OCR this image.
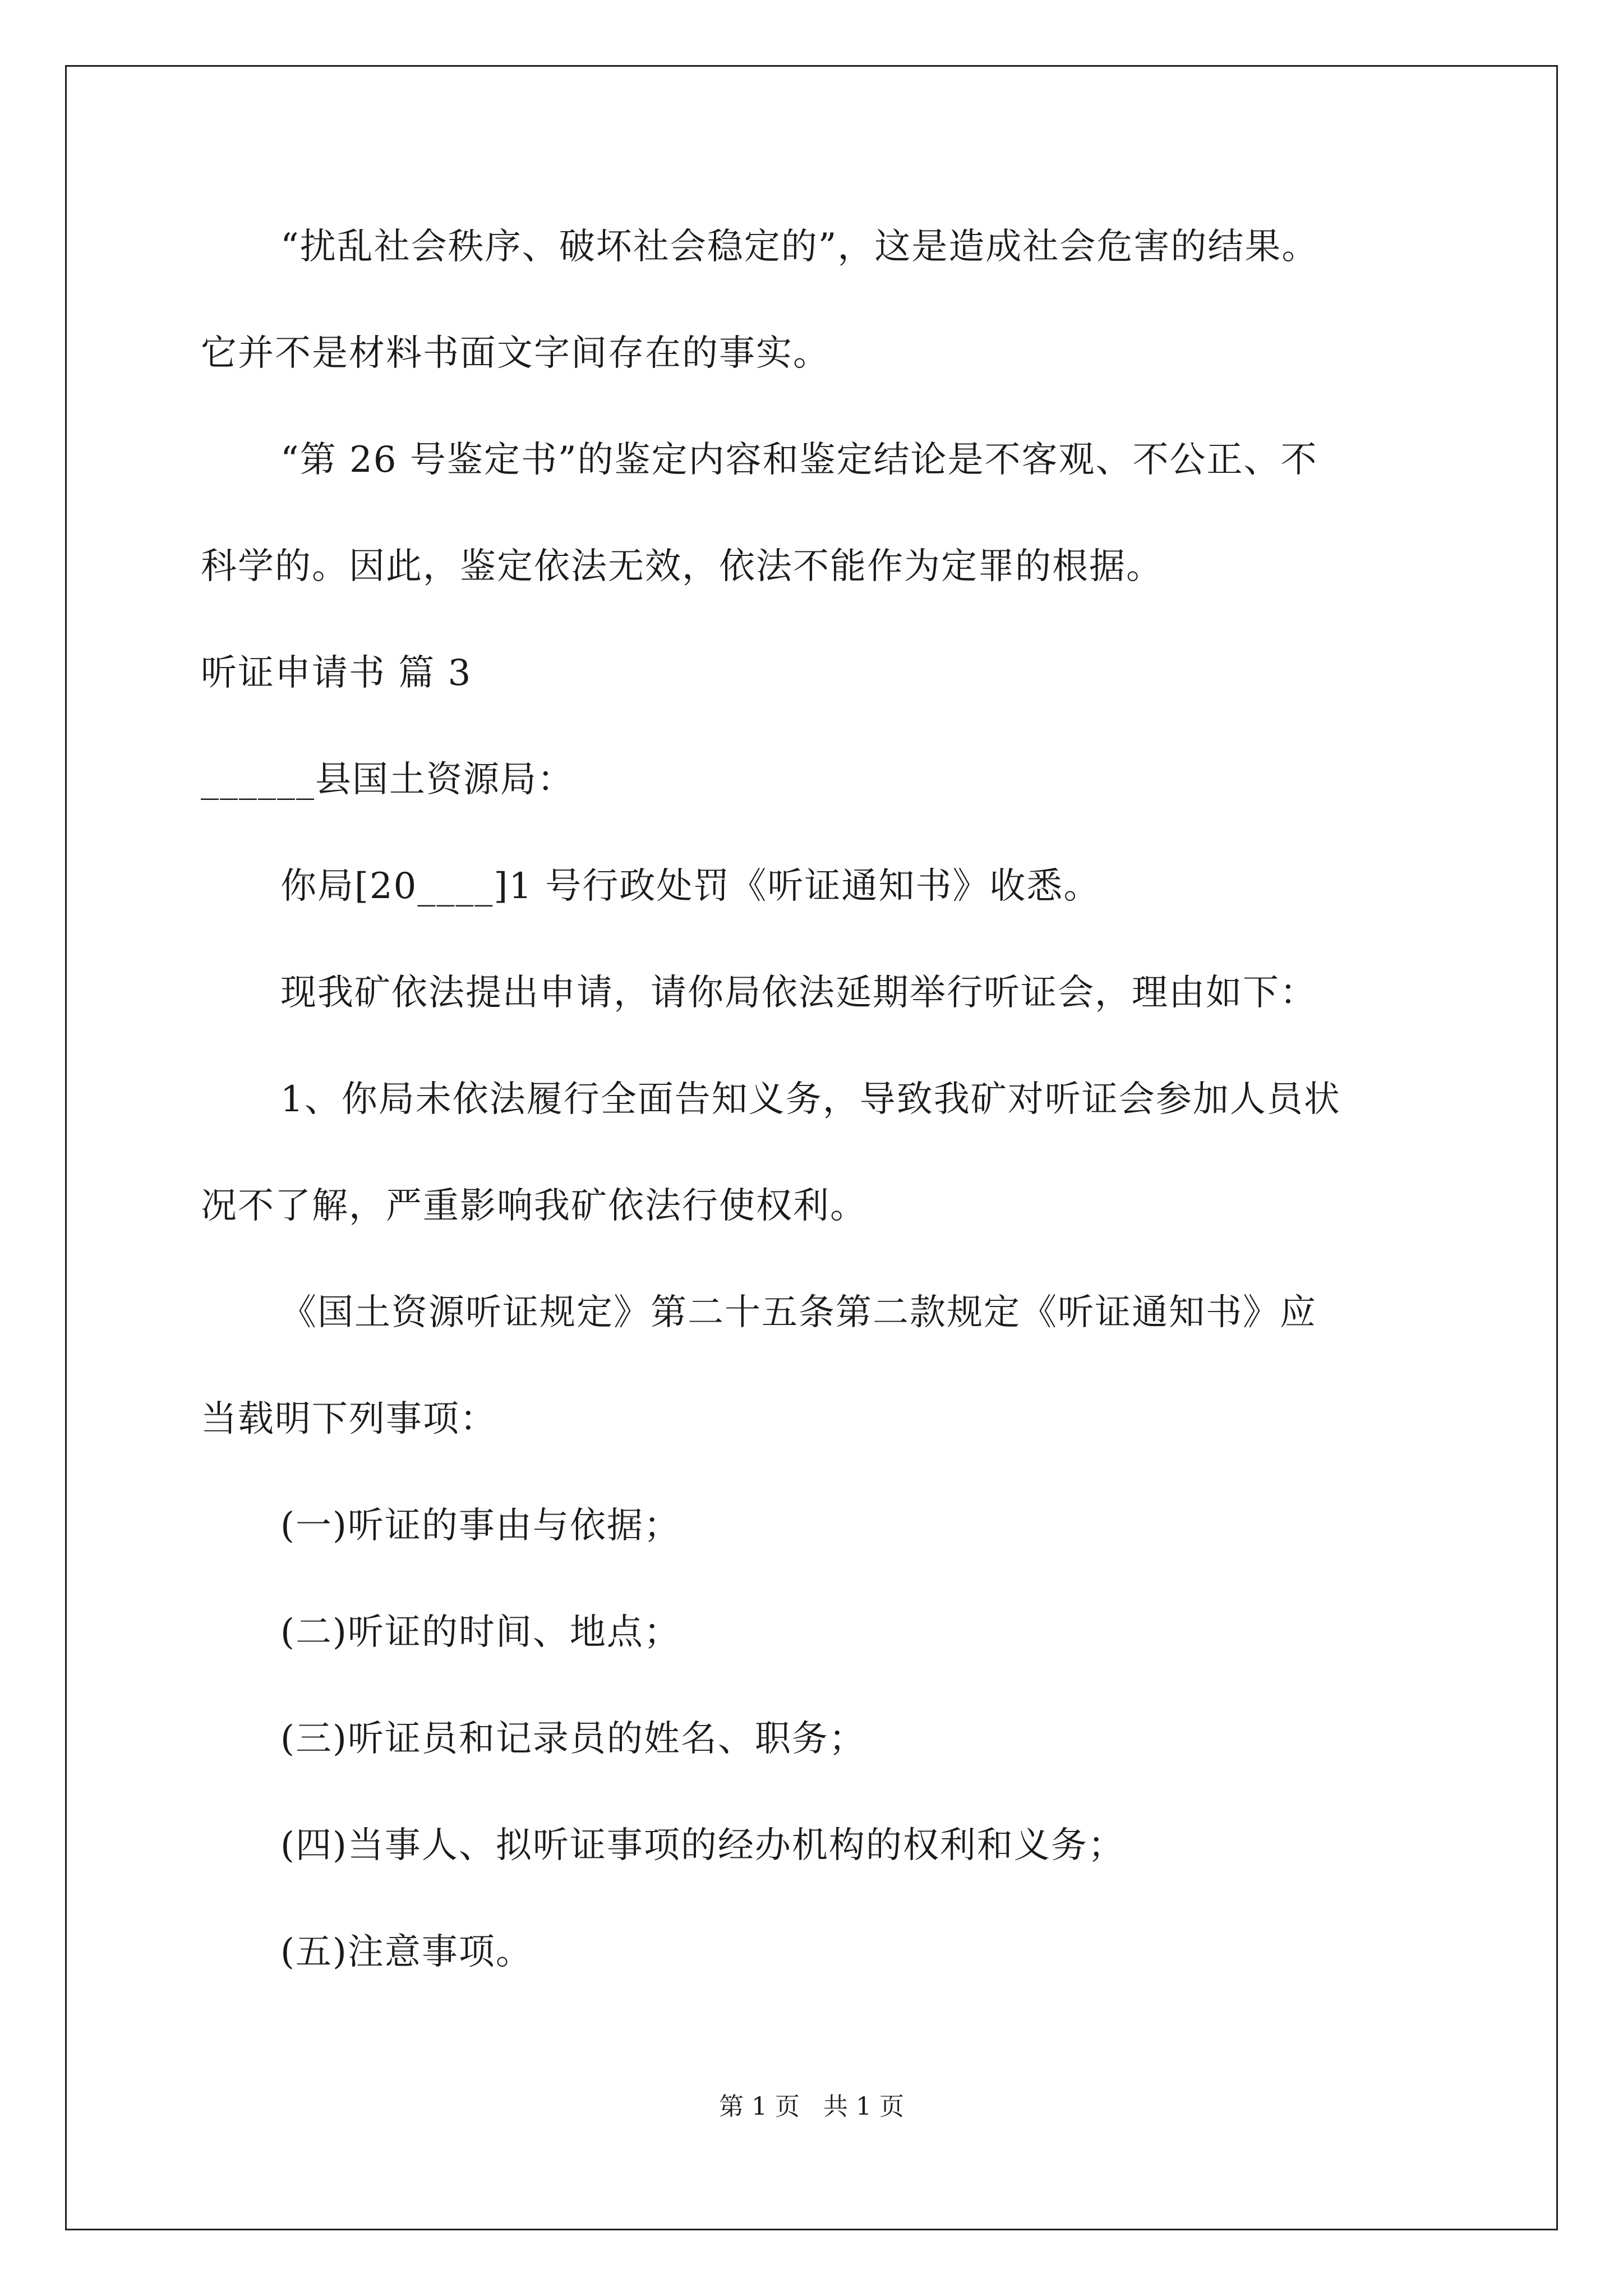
“扰乱社会秩序、破坏社会稳定的”，这是造成社会危害的结果。
它并不是材料书面文字间存在的事实。
“第 26 号鉴定书”的鉴定内容和鉴定结论是不客观、不公正、不
科学的。因此，鉴定依法无效，依法不能作为定罪的根据。
听证申请书 篇 3
______县国土资源局：
你局[20____]1 号行政处罚《听证通知书》收悉。
现我矿依法提出申请，请你局依法延期举行听证会，理由如下：
1、你局未依法履行全面告知义务，导致我矿对听证会参加人员状
况不了解，严重影响我矿依法行使权利。
《国土资源听证规定》第二十五条第二款规定《听证通知书》应
当载明下列事项：
(一)听证的事由与依据；
(二)听证的时间、地点；
(三)听证员和记录员的姓名、职务；
(四)当事人、拟听证事项的经办机构的权利和义务；
(五)注意事项。
第 1 页   共 1 页
